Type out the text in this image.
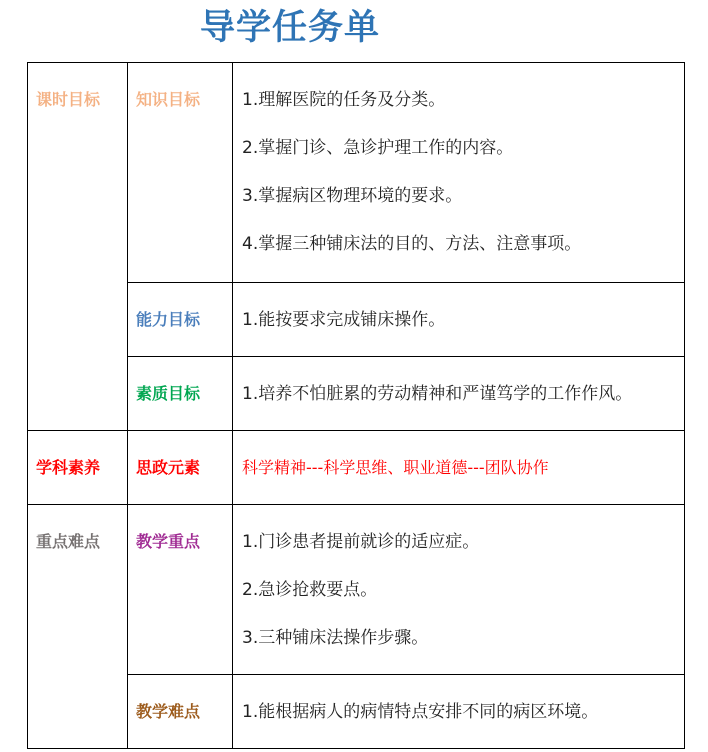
导学任务单
课时目标	知识目标	1.理解医院的任务及分类。
2.掌握门诊、急诊护理工作的内容。
3.掌握病区物理环境的要求。
4.掌握三种铺床法的目的、方法、注意事项。

	能力目标	1.能按要求完成铺床操作。

	素质目标	1.培养不怕脏累的劳动精神和严谨笃学的工作作风。

学科素养	思政元素	科学精神---科学思维、职业道德---团队协作

重点难点	教学重点	1.门诊患者提前就诊的适应症。
2.急诊抢救要点。
3.三种铺床法操作步骤。

	教学难点	1.能根据病人的病情特点安排不同的病区环境。
